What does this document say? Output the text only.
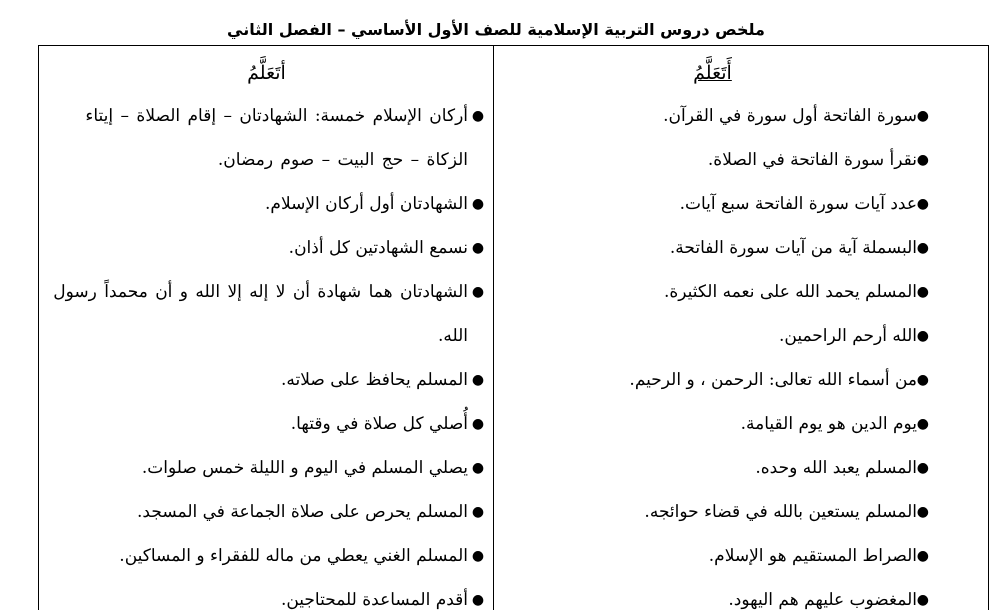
ملخص دروس التربية الإسلامية للصف الأول الأساسي – الفصل الثاني
أَتَعَلَّمُ
●
سورة الفاتحة أول سورة في القرآن.
●
نقرأ سورة الفاتحة في الصلاة.
●
عدد آيات سورة الفاتحة سبع آيات.
●
البسملة آية من آيات سورة الفاتحة.
●
المسلم يحمد الله على نعمه الكثيرة.
●
الله أرحم الراحمين.
●
من أسماء الله تعالى: الرحمن ، و الرحيم.
●
يوم الدين هو يوم القيامة.
●
المسلم يعبد الله وحده.
●
المسلم يستعين بالله في قضاء حوائجه.
●
الصراط المستقيم هو الإسلام.
●
المغضوب عليهم هم اليهود.
أتَعَلَّمُ
●
أركان الإسلام خمسة: الشهادتان – إقام الصلاة – إيتاء الزكاة – حج البيت – صوم رمضان.
●
الشهادتان أول أركان الإسلام.
●
نسمع الشهادتين كل أذان.
●
الشهادتان هما شهادة أن لا إله إلا الله و أن محمداً رسول الله.
●
المسلم يحافظ على صلاته.
●
أُصلي كل صلاة في وقتها.
●
يصلي المسلم في اليوم و الليلة خمس صلوات.
●
المسلم يحرص على صلاة الجماعة في المسجد.
●
المسلم الغني يعطي من ماله للفقراء و المساكين.
●
أقدم المساعدة للمحتاجين.
